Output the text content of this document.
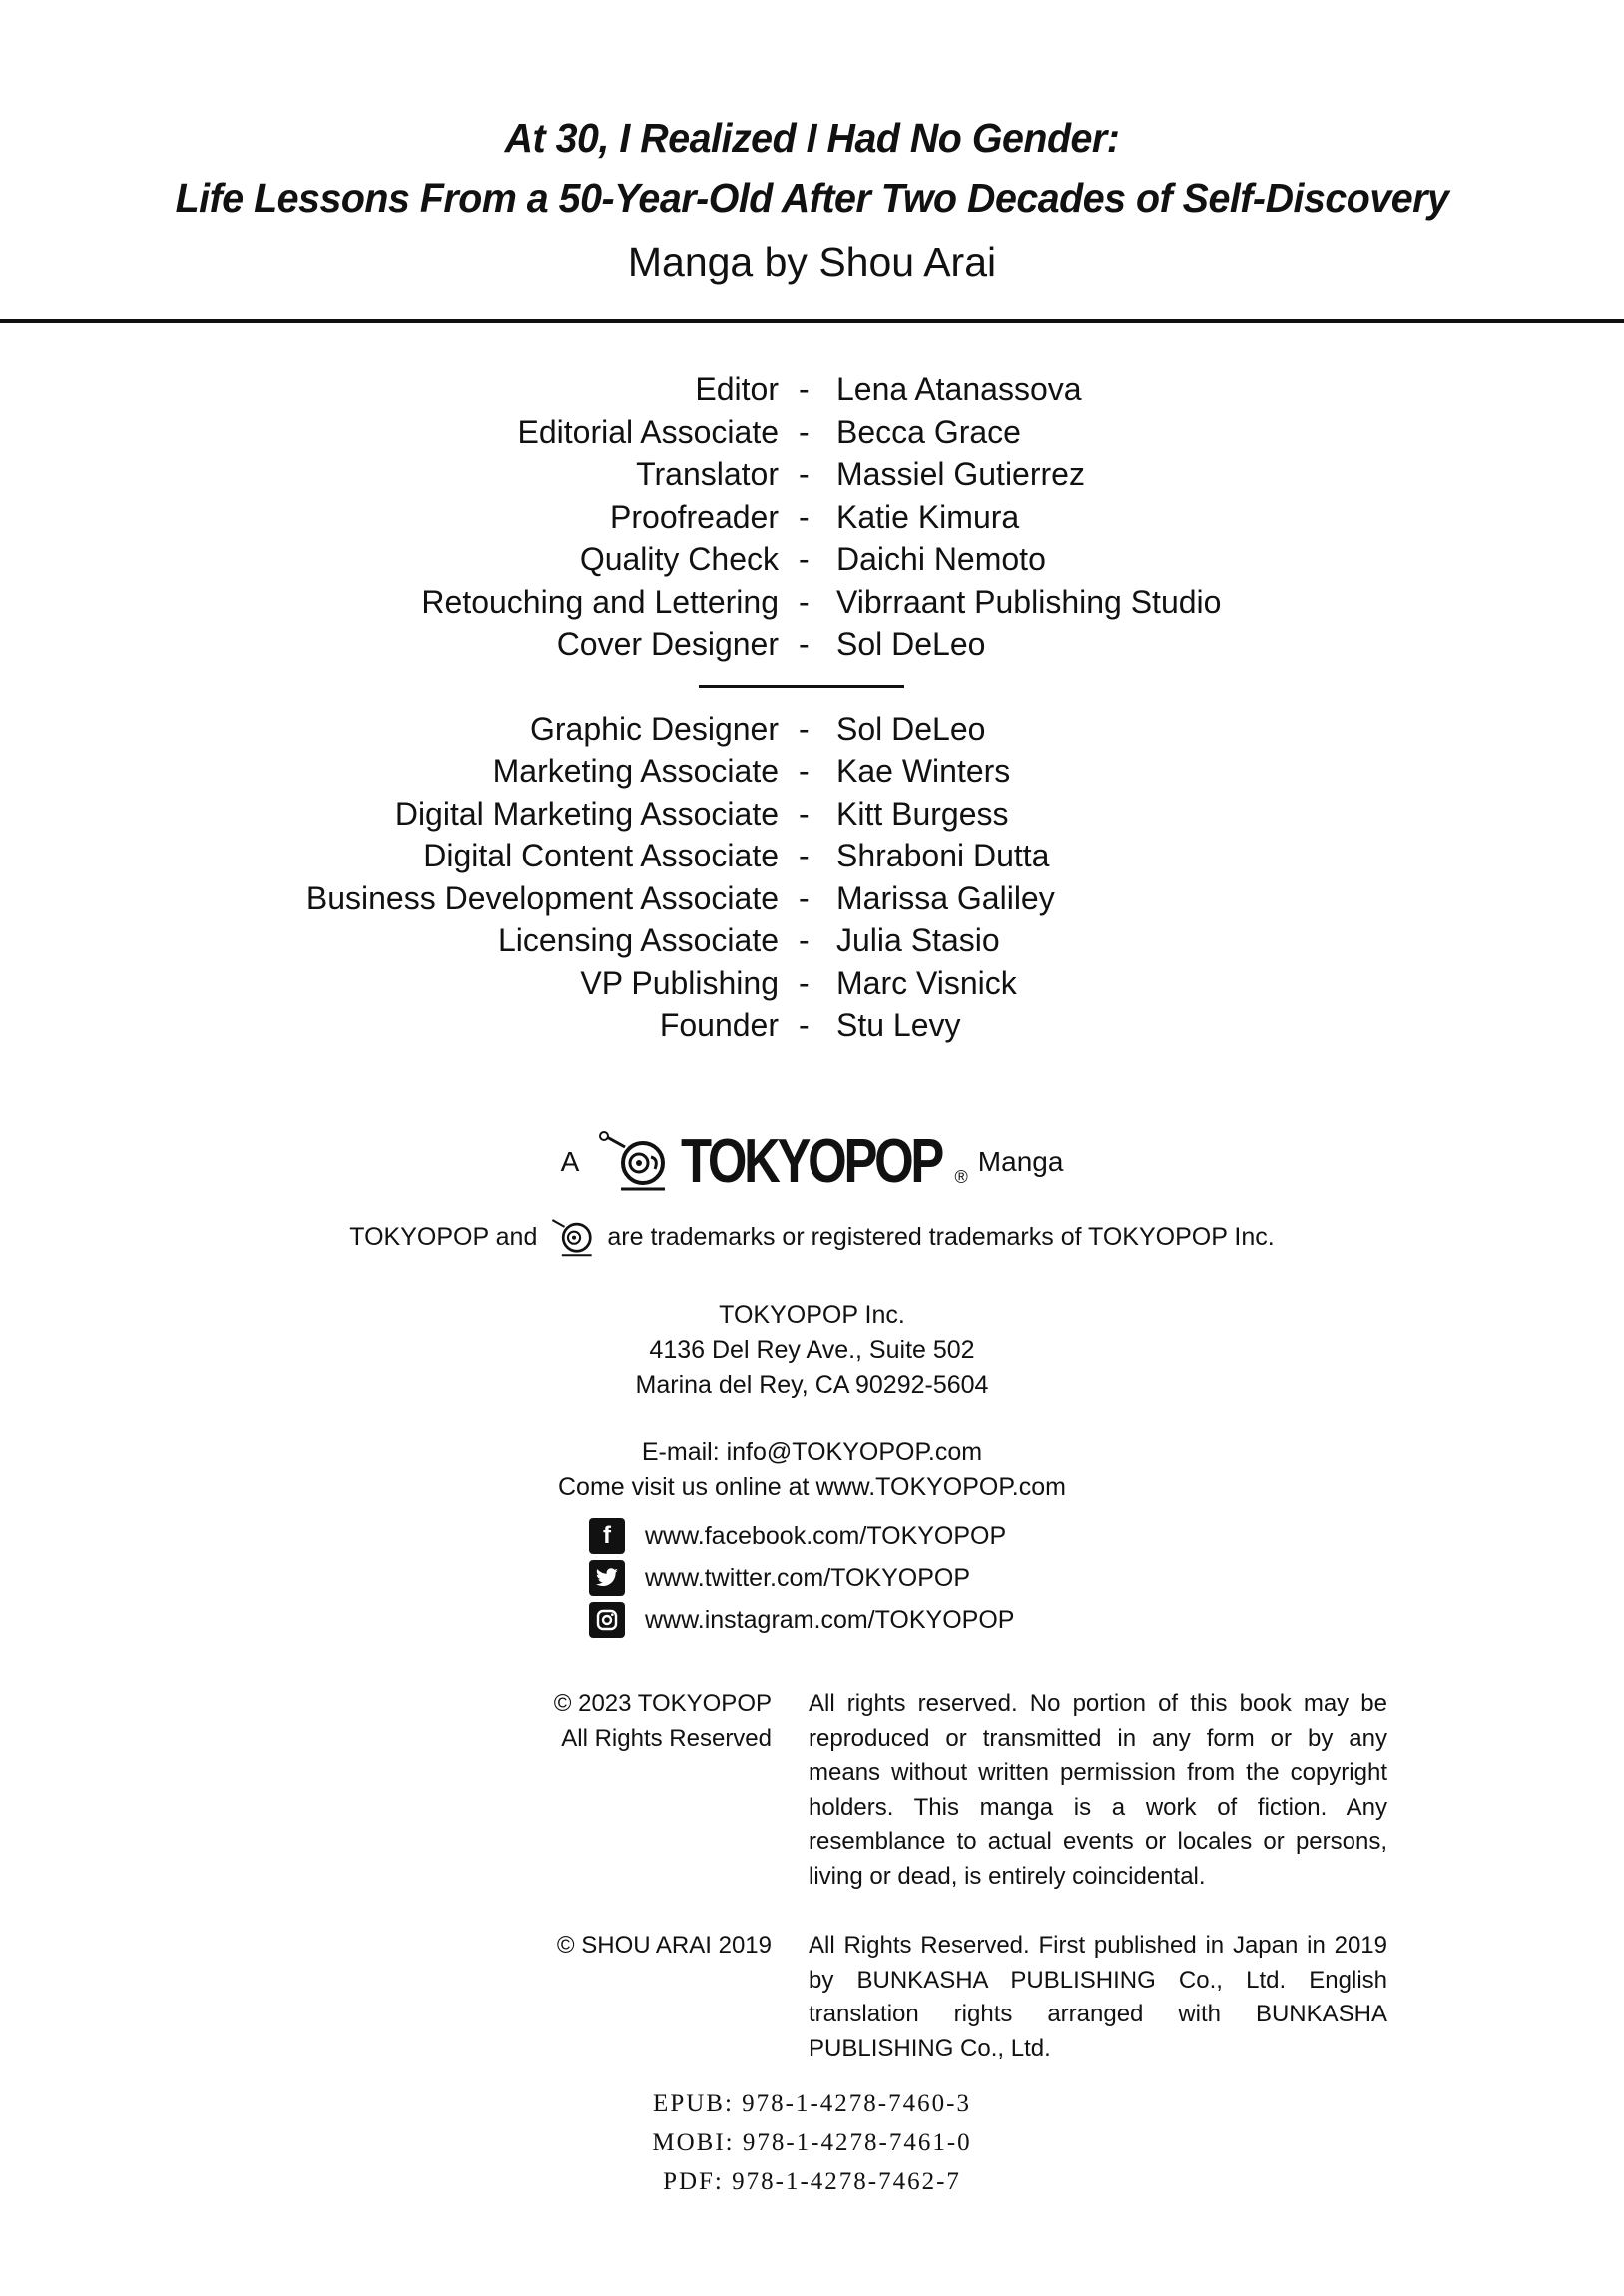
At 30, I Realized I Had No Gender:
Life Lessons From a 50-Year-Old After Two Decades of Self-Discovery
Manga by Shou Arai
Editor - Lena Atanassova
Editorial Associate - Becca Grace
Translator - Massiel Gutierrez
Proofreader - Katie Kimura
Quality Check - Daichi Nemoto
Retouching and Lettering - Vibrraant Publishing Studio
Cover Designer - Sol DeLeo
Graphic Designer - Sol DeLeo
Marketing Associate - Kae Winters
Digital Marketing Associate - Kitt Burgess
Digital Content Associate - Shraboni Dutta
Business Development Associate - Marissa Galiley
Licensing Associate - Julia Stasio
VP Publishing - Marc Visnick
Founder - Stu Levy
A TOKYOPOP ®
Manga
TOKYOPOP and	are trademarks or registered trademarks of TOKYOPOP Inc.
TOKYOPOP Inc.
4136 Del Rey Ave., Suite 502
Marina del Rey, CA 90292-5604
E-mail: info@TOKYOPOP.com
Come visit us online at www.TOKYOPOP.com
f	www.facebook.com/TOKYOPOP
www.twitter.com/TOKYOPOP
www.instagram.com/TOKYOPOP
© 2023 TOKYOPOP
All Rights Reserved
All rights reserved. No portion of this book may be reproduced or transmitted in any form or by any means without written permission from the copyright holders. This manga is a work of fiction. Any resemblance to actual events or locales or persons, living or dead, is entirely coincidental.
© SHOU ARAI 2019 All Rights Reserved. First published in Japan in 2019 by BUNKASHA PUBLISHING Co., Ltd. English translation rights arranged with BUNKASHA PUBLISHING Co., Ltd.
EPUB: 978-1-4278-7460-3
MOBI: 978-1-4278-7461-0
PDF: 978-1-4278-7462-7
